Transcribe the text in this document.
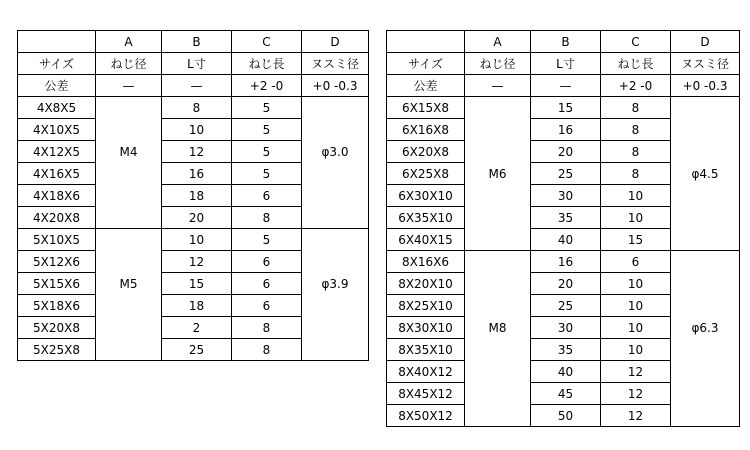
	A	B	C	D
サイズ	ねじ径	L寸	ねじ長	ヌスミ径
公差	—	—	+2 -0	+0 -0.3
4X8X5		8	5	
4X10X5		10	5	
4X12X5	M4	12	5	φ3.0
4X16X5		16	5	
4X18X6		18	6	
4X20X8		20	8	
5X10X5		10	5	
5X12X6		12	6	
5X15X6	M5	15	6	φ3.9
5X18X6		18	6	
5X20X8		2	8	
5X25X8		25	8	
	A	B	C	D
サイズ	ねじ径	L寸	ねじ長	ヌスミ径
公差	—	—	+2 -0	+0 -0.3
6X15X8		15	8	
6X16X8		16	8	
6X20X8		20	8	
6X25X8	M6	25	8	φ4.5
6X30X10		30	10	
6X35X10		35	10	
6X40X15		40	15	
8X16X6		16	6	
8X20X10		20	10	
8X25X10		25	10	
8X30X10	M8	30	10	φ6.3
8X35X10		35	10	
8X40X12		40	12	
8X45X12		45	12	
8X50X12		50	12	
